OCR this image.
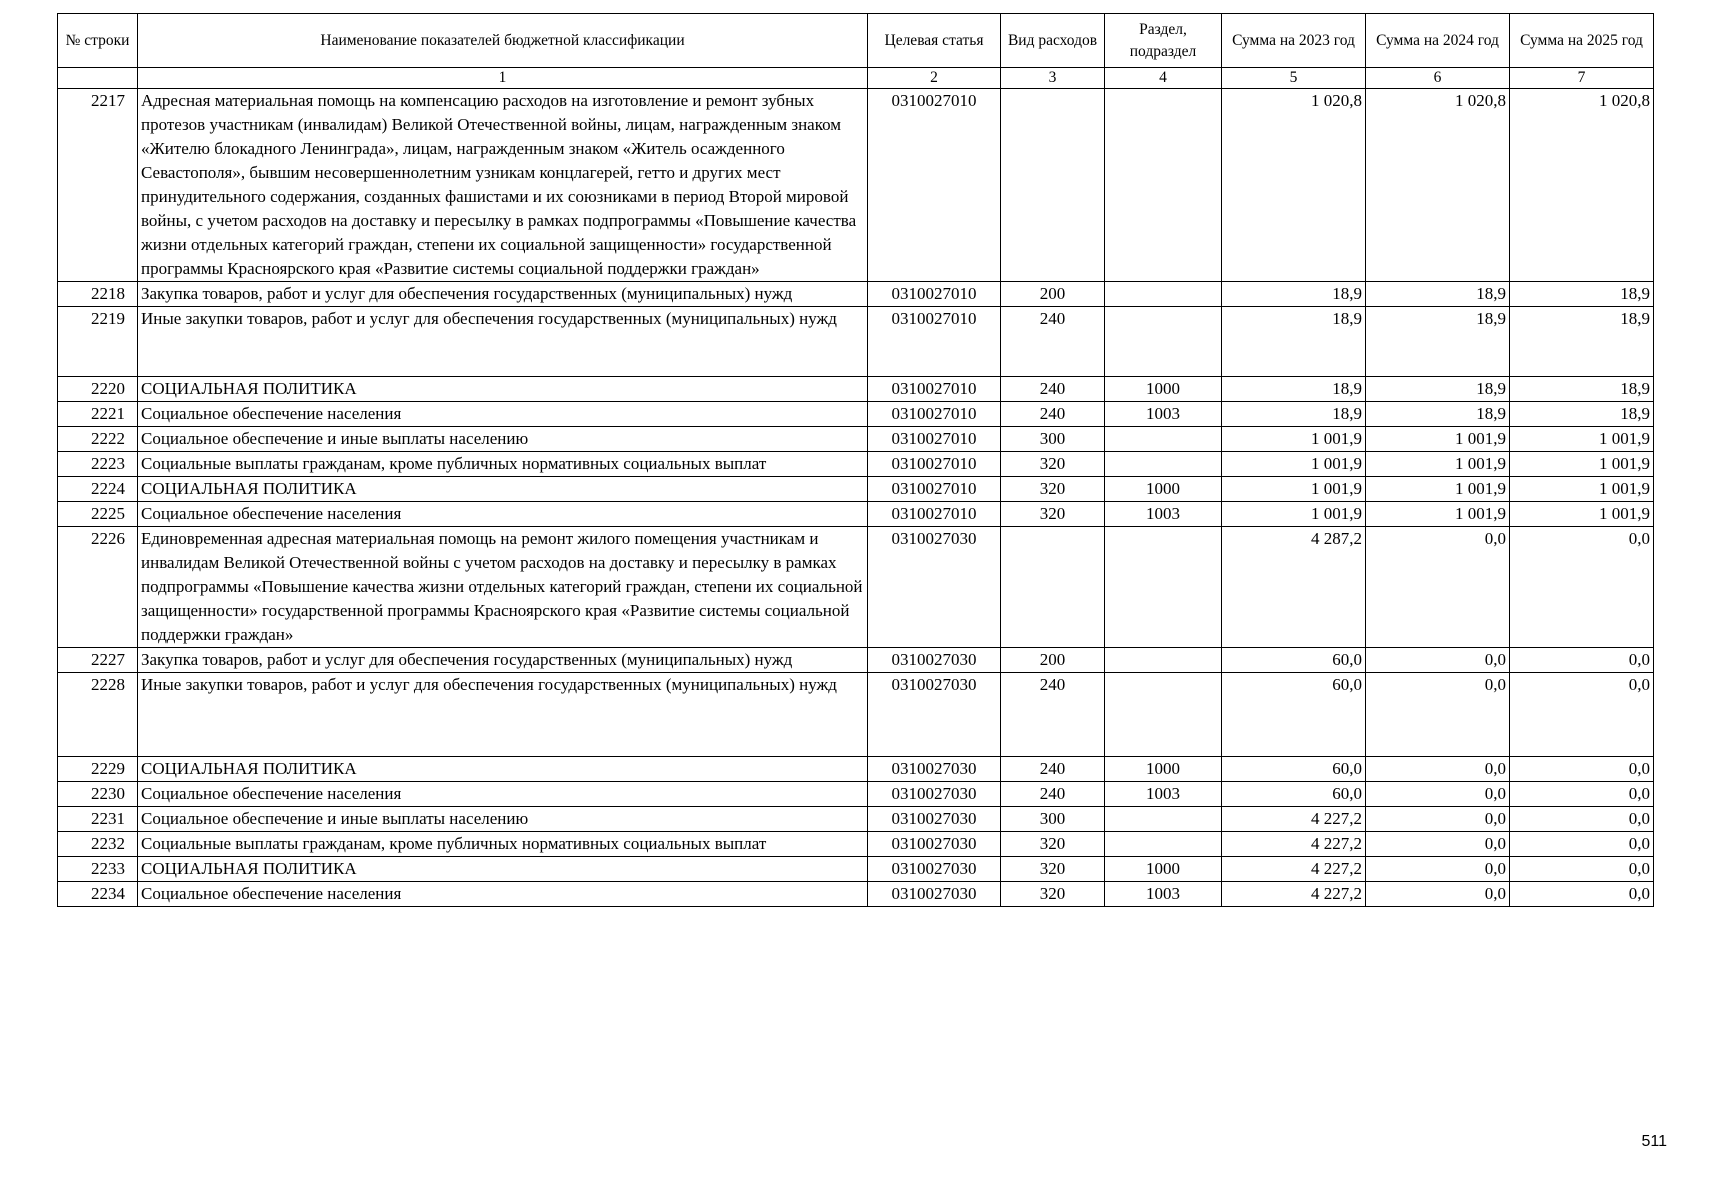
№ строки	Наименование показателей бюджетной классификации	Целевая статья	Вид расходов	Раздел, подраздел	Сумма на 2023 год	Сумма на 2024 год	Сумма на 2025 год
	1	2	3	4	5	6	7
2217	Адресная материальная помощь на компенсацию расходов на изготовление и ремонт зубных протезов участникам (инвалидам) Великой Отечественной войны, лицам, награжденным знаком «Жителю блокадного Ленинграда», лицам, награжденным знаком «Житель осажденного Севастополя», бывшим несовершеннолетним узникам концлагерей, гетто и других мест принудительного содержания, созданных фашистами и их союзниками в период Второй мировой войны, с учетом расходов на доставку и пересылку в рамках подпрограммы «Повышение качества жизни отдельных категорий граждан, степени их социальной защищенности» государственной программы Красноярского края «Развитие системы социальной поддержки граждан»	0310027010			1 020,8	1 020,8	1 020,8
2218	Закупка товаров, работ и услуг для обеспечения государственных (муниципальных) нужд	0310027010	200		18,9	18,9	18,9
2219	Иные закупки товаров, работ и услуг для обеспечения государственных (муниципальных) нужд	0310027010	240		18,9	18,9	18,9
2220	СОЦИАЛЬНАЯ ПОЛИТИКА	0310027010	240	1000	18,9	18,9	18,9
2221	Социальное обеспечение населения	0310027010	240	1003	18,9	18,9	18,9
2222	Социальное обеспечение и иные выплаты населению	0310027010	300		1 001,9	1 001,9	1 001,9
2223	Социальные выплаты гражданам, кроме публичных нормативных социальных выплат	0310027010	320		1 001,9	1 001,9	1 001,9
2224	СОЦИАЛЬНАЯ ПОЛИТИКА	0310027010	320	1000	1 001,9	1 001,9	1 001,9
2225	Социальное обеспечение населения	0310027010	320	1003	1 001,9	1 001,9	1 001,9
2226	Единовременная адресная материальная помощь на ремонт жилого помещения участникам и инвалидам Великой Отечественной войны с учетом расходов на доставку и пересылку в рамках подпрограммы «Повышение качества жизни отдельных категорий граждан, степени их социальной защищенности» государственной программы Красноярского края «Развитие системы социальной поддержки граждан»	0310027030			4 287,2	0,0	0,0
2227	Закупка товаров, работ и услуг для обеспечения государственных (муниципальных) нужд	0310027030	200		60,0	0,0	0,0
2228	Иные закупки товаров, работ и услуг для обеспечения государственных (муниципальных) нужд	0310027030	240		60,0	0,0	0,0
2229	СОЦИАЛЬНАЯ ПОЛИТИКА	0310027030	240	1000	60,0	0,0	0,0
2230	Социальное обеспечение населения	0310027030	240	1003	60,0	0,0	0,0
2231	Социальное обеспечение и иные выплаты населению	0310027030	300		4 227,2	0,0	0,0
2232	Социальные выплаты гражданам, кроме публичных нормативных социальных выплат	0310027030	320		4 227,2	0,0	0,0
2233	СОЦИАЛЬНАЯ ПОЛИТИКА	0310027030	320	1000	4 227,2	0,0	0,0
2234	Социальное обеспечение населения	0310027030	320	1003	4 227,2	0,0	0,0
511
